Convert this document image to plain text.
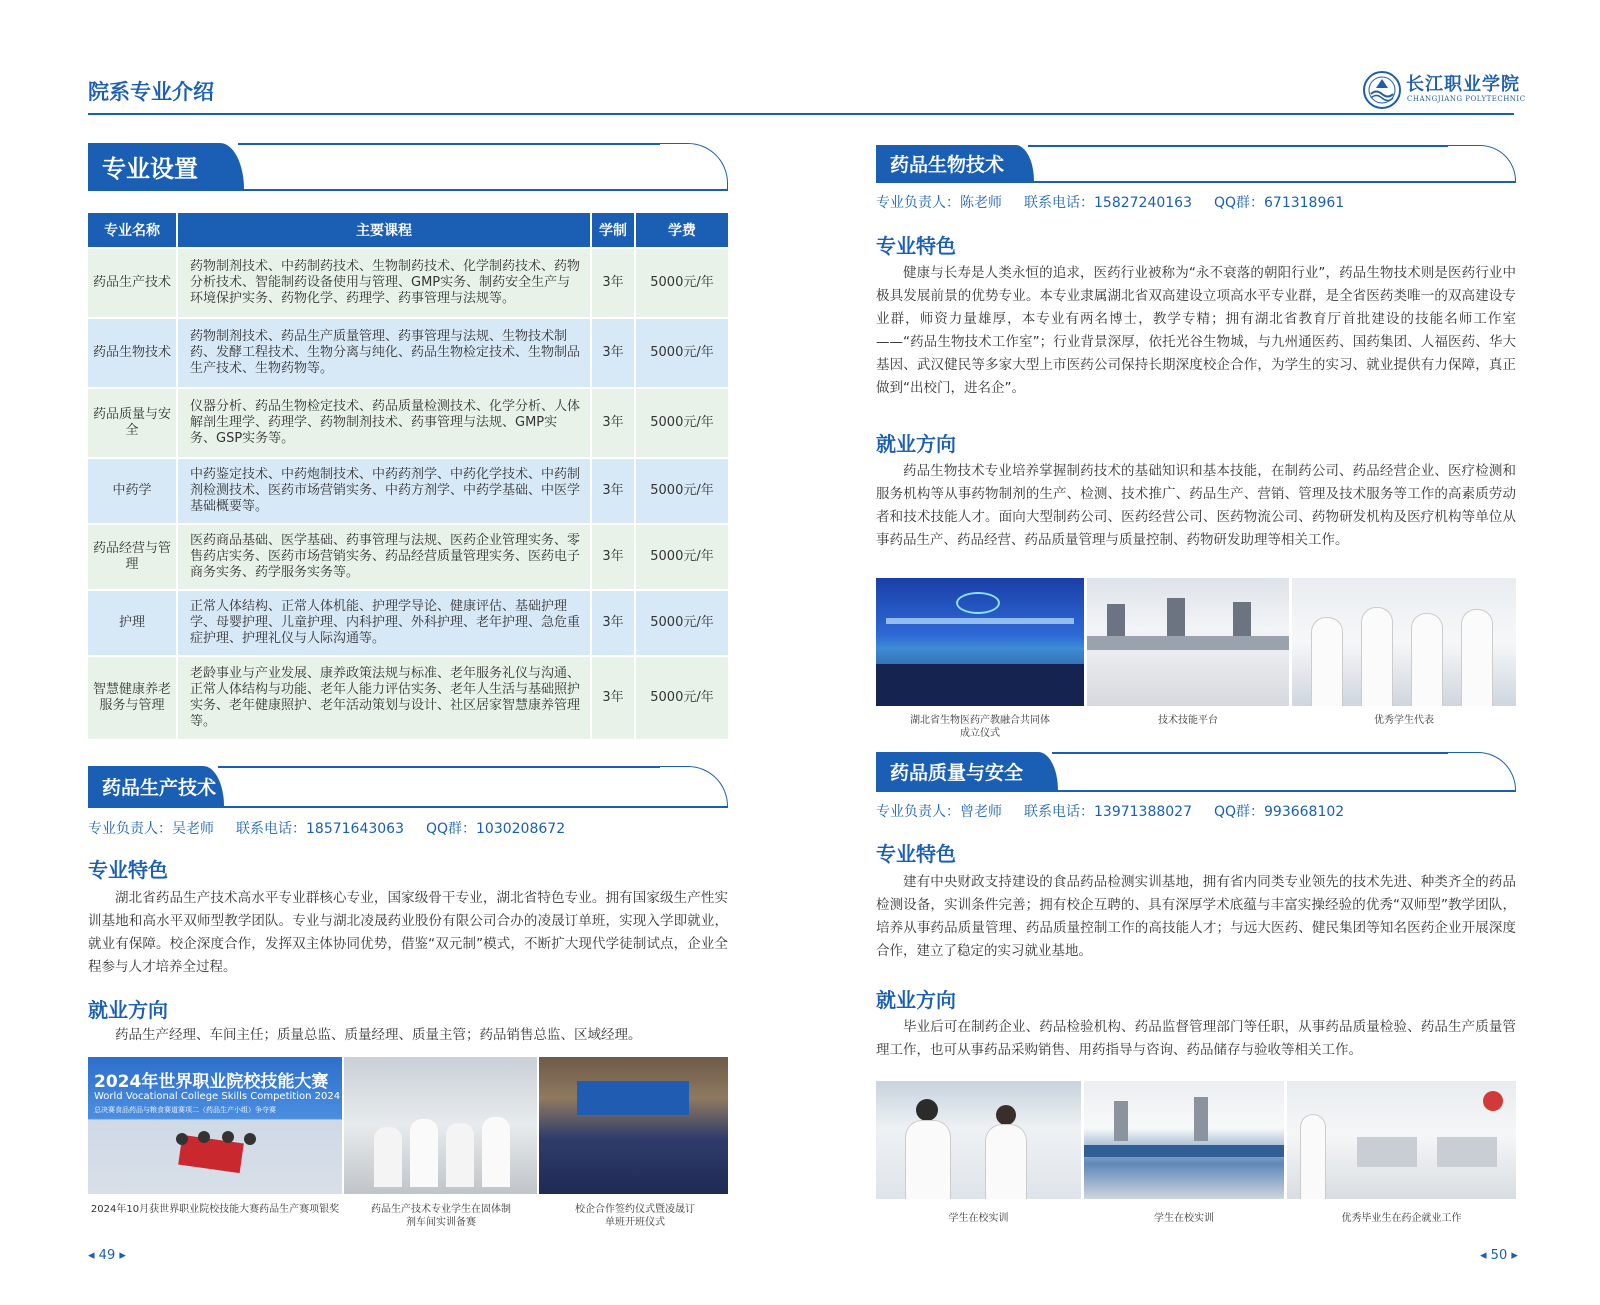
院系专业介绍	长江职业学院
CHANGJIANG POLYTECHNIC
专业设置
专业名称	主要课程	学制	学费
药品生产技术	药物制剂技术、中药制药技术、生物制药技术、化学制药技术、药物分析技术、智能制药设备使用与管理、GMP实务、制药安全生产与环境保护实务、药物化学、药理学、药事管理与法规等。	3年	5000元/年
药品生物技术	药物制剂技术、药品生产质量管理、药事管理与法规、生物技术制药、发酵工程技术、生物分离与纯化、药品生物检定技术、生物制品生产技术、生物药物等。	3年	5000元/年
药品质量与安全	仪器分析、药品生物检定技术、药品质量检测技术、化学分析、人体解剖生理学、药理学、药物制剂技术、药事管理与法规、GMP实务、GSP实务等。	3年	5000元/年
中药学	中药鉴定技术、中药炮制技术、中药药剂学、中药化学技术、中药制剂检测技术、医药市场营销实务、中药方剂学、中药学基础、中医学基础概要等。	3年	5000元/年
药品经营与管理	医药商品基础、医学基础、药事管理与法规、医药企业管理实务、零售药店实务、医药市场营销实务、药品经营质量管理实务、医药电子商务实务、药学服务实务等。	3年	5000元/年
护理	正常人体结构、正常人体机能、护理学导论、健康评估、基础护理学、母婴护理、儿童护理、内科护理、外科护理、老年护理、急危重症护理、护理礼仪与人际沟通等。	3年	5000元/年
智慧健康养老服务与管理	老龄事业与产业发展、康养政策法规与标准、老年服务礼仪与沟通、正常人体结构与功能、老年人能力评估实务、老年人生活与基础照护实务、老年健康照护、老年活动策划与设计、社区居家智慧康养管理等。	3年	5000元/年
药品生产技术
专业负责人：吴老师 联系电话：18571643063 QQ群：1030208672
专业特色
湖北省药品生产技术高水平专业群核心专业，国家级骨干专业，湖北省特色专业。拥有国家级生产性实训基地和高水平双师型教学团队。专业与湖北凌晟药业股份有限公司合办的凌晟订单班，实现入学即就业，就业有保障。校企深度合作，发挥双主体协同优势，借鉴“双元制”模式，不断扩大现代学徒制试点，企业全程参与人才培养全过程。
就业方向
药品生产经理、车间主任；质量总监、质量经理、质量主管；药品销售总监、区域经理。
2024年世界职业院校技能大赛
World Vocational College Skills Competition 2024
总决赛食品药品与粮食赛道赛项二（药品生产小组）争夺赛
2024年10月获世界职业院校技能大赛药品生产赛项银奖	药品生产技术专业学生在固体制剂车间实训备赛
校企合作签约仪式暨凌晟订单班开班仪式
◂ 49 ▸
药品生物技术
专业负责人：陈老师 联系电话：15827240163 QQ群：671318961
专业特色
健康与长寿是人类永恒的追求，医药行业被称为“永不衰落的朝阳行业”，药品生物技术则是医药行业中极具发展前景的优势专业。本专业隶属湖北省双高建设立项高水平专业群，是全省医药类唯一的双高建设专业群，师资力量雄厚，本专业有两名博士，教学专精；拥有湖北省教育厅首批建设的技能名师工作室——“药品生物技术工作室”；行业背景深厚，依托光谷生物城，与九州通医药、国药集团、人福医药、华大基因、武汉健民等多家大型上市医药公司保持长期深度校企合作，为学生的实习、就业提供有力保障，真正做到“出校门，进名企”。
就业方向
药品生物技术专业培养掌握制药技术的基础知识和基本技能，在制药公司、药品经营企业、医疗检测和服务机构等从事药物制剂的生产、检测、技术推广、药品生产、营销、管理及技术服务等工作的高素质劳动者和技术技能人才。面向大型制药公司、医药经营公司、医药物流公司、药物研发机构及医疗机构等单位从事药品生产、药品经营、药品质量管理与质量控制、药物研发助理等相关工作。
湖北省生物医药产教融合共同体成立仪式
技术技能平台	优秀学生代表
药品质量与安全
专业负责人：曾老师 联系电话：13971388027 QQ群：993668102
专业特色
建有中央财政支持建设的食品药品检测实训基地，拥有省内同类专业领先的技术先进、种类齐全的药品检测设备，实训条件完善；拥有校企互聘的、具有深厚学术底蕴与丰富实操经验的优秀“双师型”教学团队，培养从事药品质量管理、药品质量控制工作的高技能人才；与远大医药、健民集团等知名医药企业开展深度合作，建立了稳定的实习就业基地。
就业方向
毕业后可在制药企业、药品检验机构、药品监督管理部门等任职，从事药品质量检验、药品生产质量管理工作，也可从事药品采购销售、用药指导与咨询、药品储存与验收等相关工作。
学生在校实训	学生在校实训	优秀毕业生在药企就业工作
◂ 50 ▸
